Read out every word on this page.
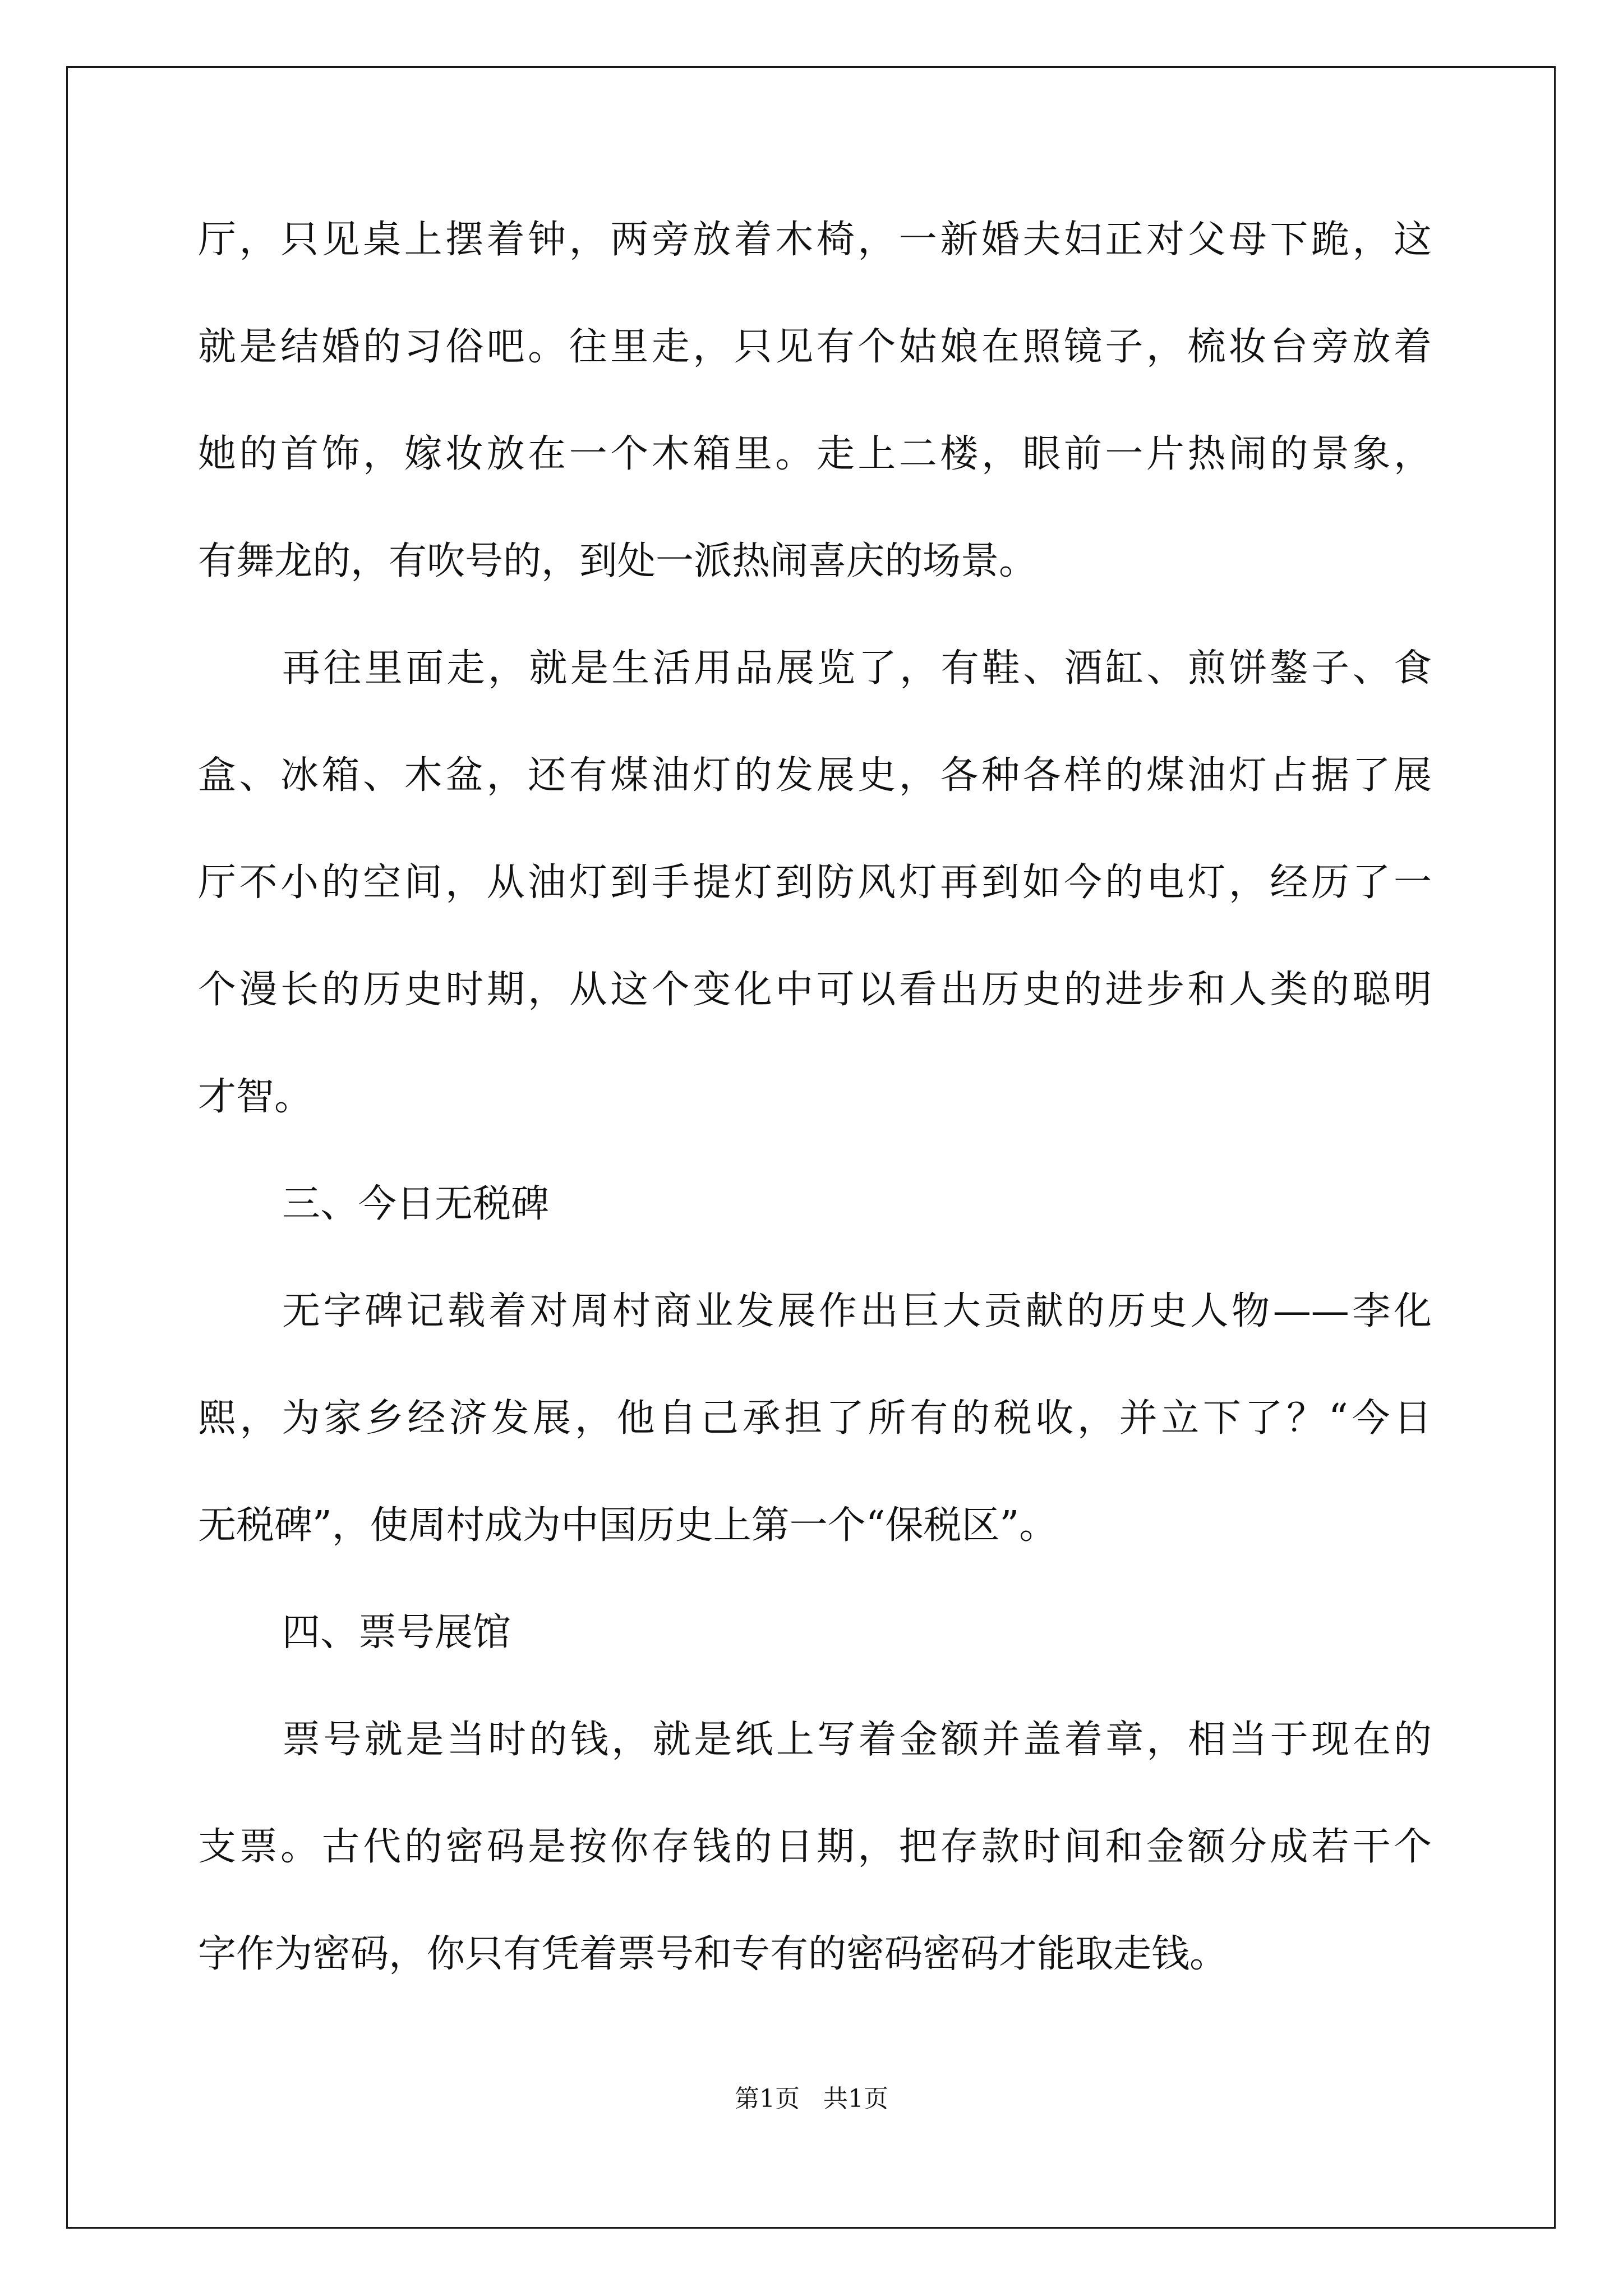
厅，只见桌上摆着钟，两旁放着木椅，一新婚夫妇正对父母下跪，这

就是结婚的习俗吧。往里走，只见有个姑娘在照镜子，梳妆台旁放着

她的首饰，嫁妆放在一个木箱里。走上二楼，眼前一片热闹的景象，

有舞龙的，有吹号的，到处一派热闹喜庆的场景。

再往里面走，就是生活用品展览了，有鞋、酒缸、煎饼鏊子、食

盒、冰箱、木盆，还有煤油灯的发展史，各种各样的煤油灯占据了展

厅不小的空间，从油灯到手提灯到防风灯再到如今的电灯，经历了一

个漫长的历史时期，从这个变化中可以看出历史的进步和人类的聪明

才智。

三、今日无税碑

无字碑记载着对周村商业发展作出巨大贡献的历史人物——李化

熙，为家乡经济发展，他自己承担了所有的税收，并立下了？“今日

无税碑”，使周村成为中国历史上第一个“保税区”。

四、票号展馆

票号就是当时的钱，就是纸上写着金额并盖着章，相当于现在的

支票。古代的密码是按你存钱的日期，把存款时间和金额分成若干个

字作为密码，你只有凭着票号和专有的密码密码才能取走钱。

第1页   共1页
